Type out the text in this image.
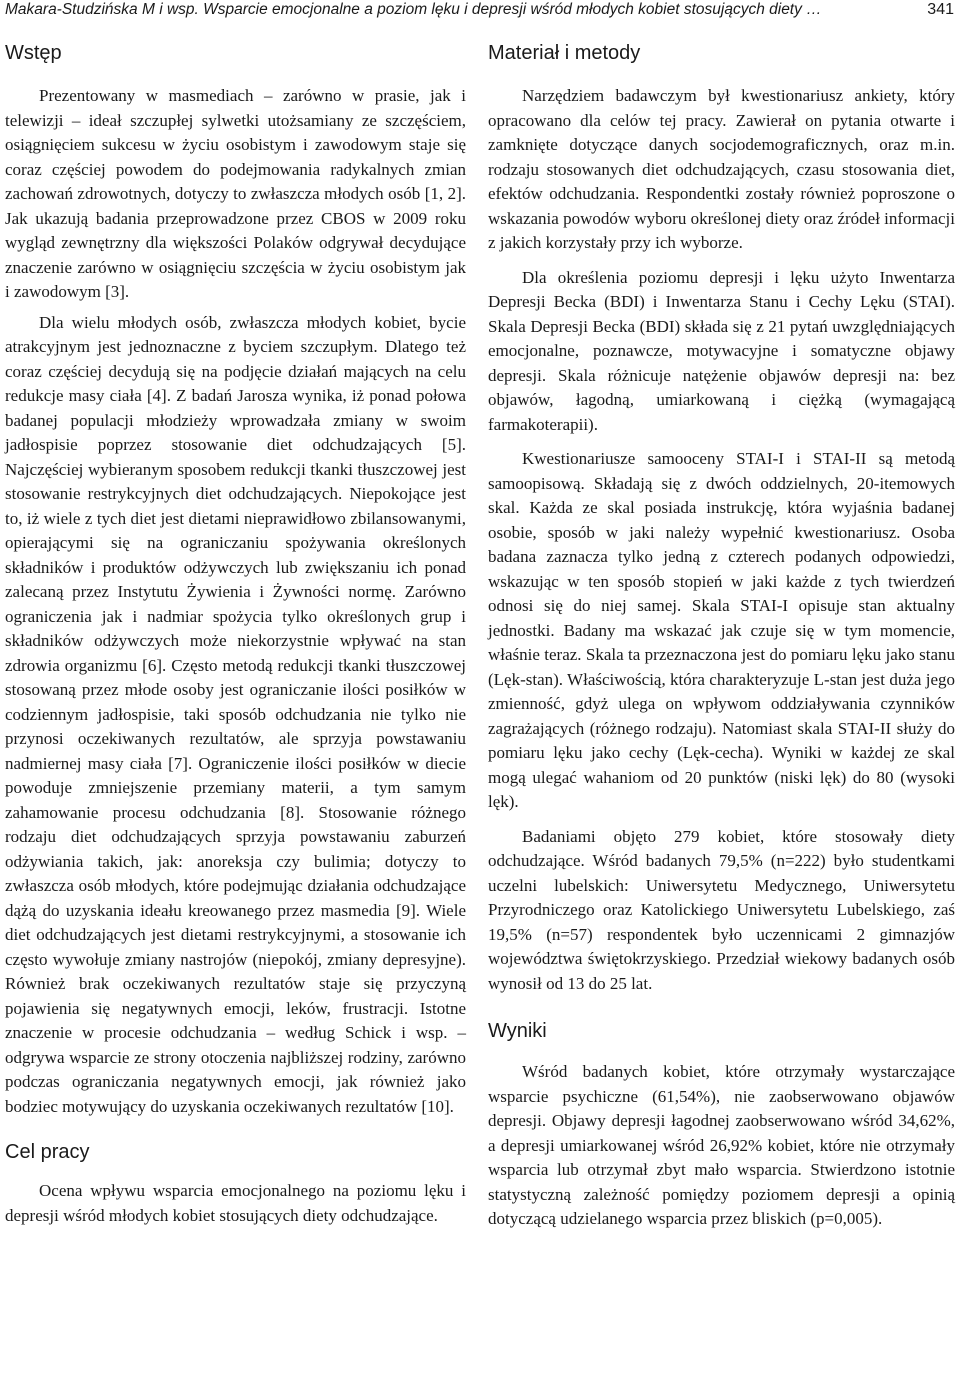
Makara-Studzińska M i wsp. Wsparcie emocjonalne a poziom lęku i depresji wśród młodych kobiet stosujących diety …	341
Wstęp

Prezentowany w masmediach – zarówno w prasie, jak i telewizji – ideał szczupłej sylwetki utożsamiany ze szczęściem, osiągnięciem sukcesu w życiu osobistym i zawodowym staje się coraz częściej powodem do podejmowania radykalnych zmian zachowań zdrowotnych, dotyczy to zwłaszcza młodych osób [1, 2]. Jak ukazują badania przeprowadzone przez CBOS w 2009 roku wygląd zewnętrzny dla większości Polaków odgrywał decydujące znaczenie zarówno w osiągnięciu szczęścia w życiu osobistym jak i zawodowym [3].

Dla wielu młodych osób, zwłaszcza młodych kobiet, bycie atrakcyjnym jest jednoznaczne z byciem szczupłym. Dlatego też coraz częściej decydują się na podjęcie działań mających na celu redukcje masy ciała [4]. Z badań Jarosza wynika, iż ponad połowa badanej populacji młodzieży wprowadzała zmiany w swoim jadłospisie poprzez stosowanie diet odchudzających [5]. Najczęściej wybieranym sposobem redukcji tkanki tłuszczowej jest stosowanie restrykcyjnych diet odchudzających. Niepokojące jest to, iż wiele z tych diet jest dietami nieprawidłowo zbilansowanymi, opierającymi się na ograniczaniu spożywania określonych składników i produktów odżywczych lub zwiększaniu ich ponad zalecaną przez Instytutu Żywienia i Żywności normę. Zarówno ograniczenia jak i nadmiar spożycia tylko określonych grup i składników odżywczych może niekorzystnie wpływać na stan zdrowia organizmu [6]. Często metodą redukcji tkanki tłuszczowej stosowaną przez młode osoby jest ograniczanie ilości posiłków w codziennym jadłospisie, taki sposób odchudzania nie tylko nie przynosi oczekiwanych rezultatów, ale sprzyja powstawaniu nadmiernej masy ciała [7]. Ograniczenie ilości posiłków w diecie powoduje zmniejszenie przemiany materii, a tym samym zahamowanie procesu odchudzania [8]. Stosowanie różnego rodzaju diet odchudzających sprzyja powstawaniu zaburzeń odżywiania takich, jak: anoreksja czy bulimia; dotyczy to zwłaszcza osób młodych, które podejmując działania odchudzające dążą do uzyskania ideału kreowanego przez masmedia [9]. Wiele diet odchudzających jest dietami restrykcyjnymi, a stosowanie ich często wywołuje zmiany nastrojów (niepokój, zmiany depresyjne). Również brak oczekiwanych rezultatów staje się przyczyną pojawienia się negatywnych emocji, leków, frustracji. Istotne znaczenie w procesie odchudzania – według Schick i wsp. – odgrywa wsparcie ze strony otoczenia najbliższej rodziny, zarówno podczas ograniczania negatywnych emocji, jak również jako bodziec motywujący do uzyskania oczekiwanych rezultatów [10].

Cel pracy

Ocena wpływu wsparcia emocjonalnego na poziomu lęku i depresji wśród młodych kobiet stosujących diety odchudzające.

Materiał i metody

Narzędziem badawczym był kwestionariusz ankiety, który opracowano dla celów tej pracy. Zawierał on pytania otwarte i zamknięte dotyczące danych socjodemograficznych, oraz m.in. rodzaju stosowanych diet odchudzających, czasu stosowania diet, efektów odchudzania. Respondentki zostały również poproszone o wskazania powodów wyboru określonej diety oraz źródeł informacji z jakich korzystały przy ich wyborze.

Dla określenia poziomu depresji i lęku użyto Inwentarza Depresji Becka (BDI) i Inwentarza Stanu i Cechy Lęku (STAI). Skala Depresji Becka (BDI) składa się z 21 pytań uwzględniających emocjonalne, poznawcze, motywacyjne i somatyczne objawy depresji. Skala różnicuje natężenie objawów depresji na: bez objawów, łagodną, umiarkowaną i ciężką (wymagającą farmakoterapii).

Kwestionariusze samooceny STAI-I i STAI-II są metodą samoopisową. Składają się z dwóch oddzielnych, 20-itemowych skal. Każda ze skal posiada instrukcję, która wyjaśnia badanej osobie, sposób w jaki należy wypełnić kwestionariusz. Osoba badana zaznacza tylko jedną z czterech podanych odpowiedzi, wskazując w ten sposób stopień w jaki każde z tych twierdzeń odnosi się do niej samej. Skala STAI-I opisuje stan aktualny jednostki. Badany ma wskazać jak czuje się w tym momencie, właśnie teraz. Skala ta przeznaczona jest do pomiaru lęku jako stanu (Lęk-stan). Właściwością, która charakteryzuje L-stan jest duża jego zmienność, gdyż ulega on wpływom oddziaływania czynników zagrażających (różnego rodzaju). Natomiast skala STAI-II służy do pomiaru lęku jako cechy (Lęk-cecha). Wyniki w każdej ze skal mogą ulegać wahaniom od 20 punktów (niski lęk) do 80 (wysoki lęk).

Badaniami objęto 279 kobiet, które stosowały diety odchudzające. Wśród badanych 79,5% (n=222) było studentkami uczelni lubelskich: Uniwersytetu Medycznego, Uniwersytetu Przyrodniczego oraz Katolickiego Uniwersytetu Lubelskiego, zaś 19,5% (n=57) respondentek było uczennicami 2 gimnazjów województwa świętokrzyskiego. Przedział wiekowy badanych osób wynosił od 13 do 25 lat.

Wyniki

Wśród badanych kobiet, które otrzymały wystarczające wsparcie psychiczne (61,54%), nie zaobserwowano objawów depresji. Objawy depresji łagodnej zaobserwowano wśród 34,62%, a depresji umiarkowanej wśród 26,92% kobiet, które nie otrzymały wsparcia lub otrzymał zbyt mało wsparcia. Stwierdzono istotnie statystyczną zależność pomiędzy poziomem depresji a opinią dotyczącą udzielanego wsparcia przez bliskich (p=0,005).
